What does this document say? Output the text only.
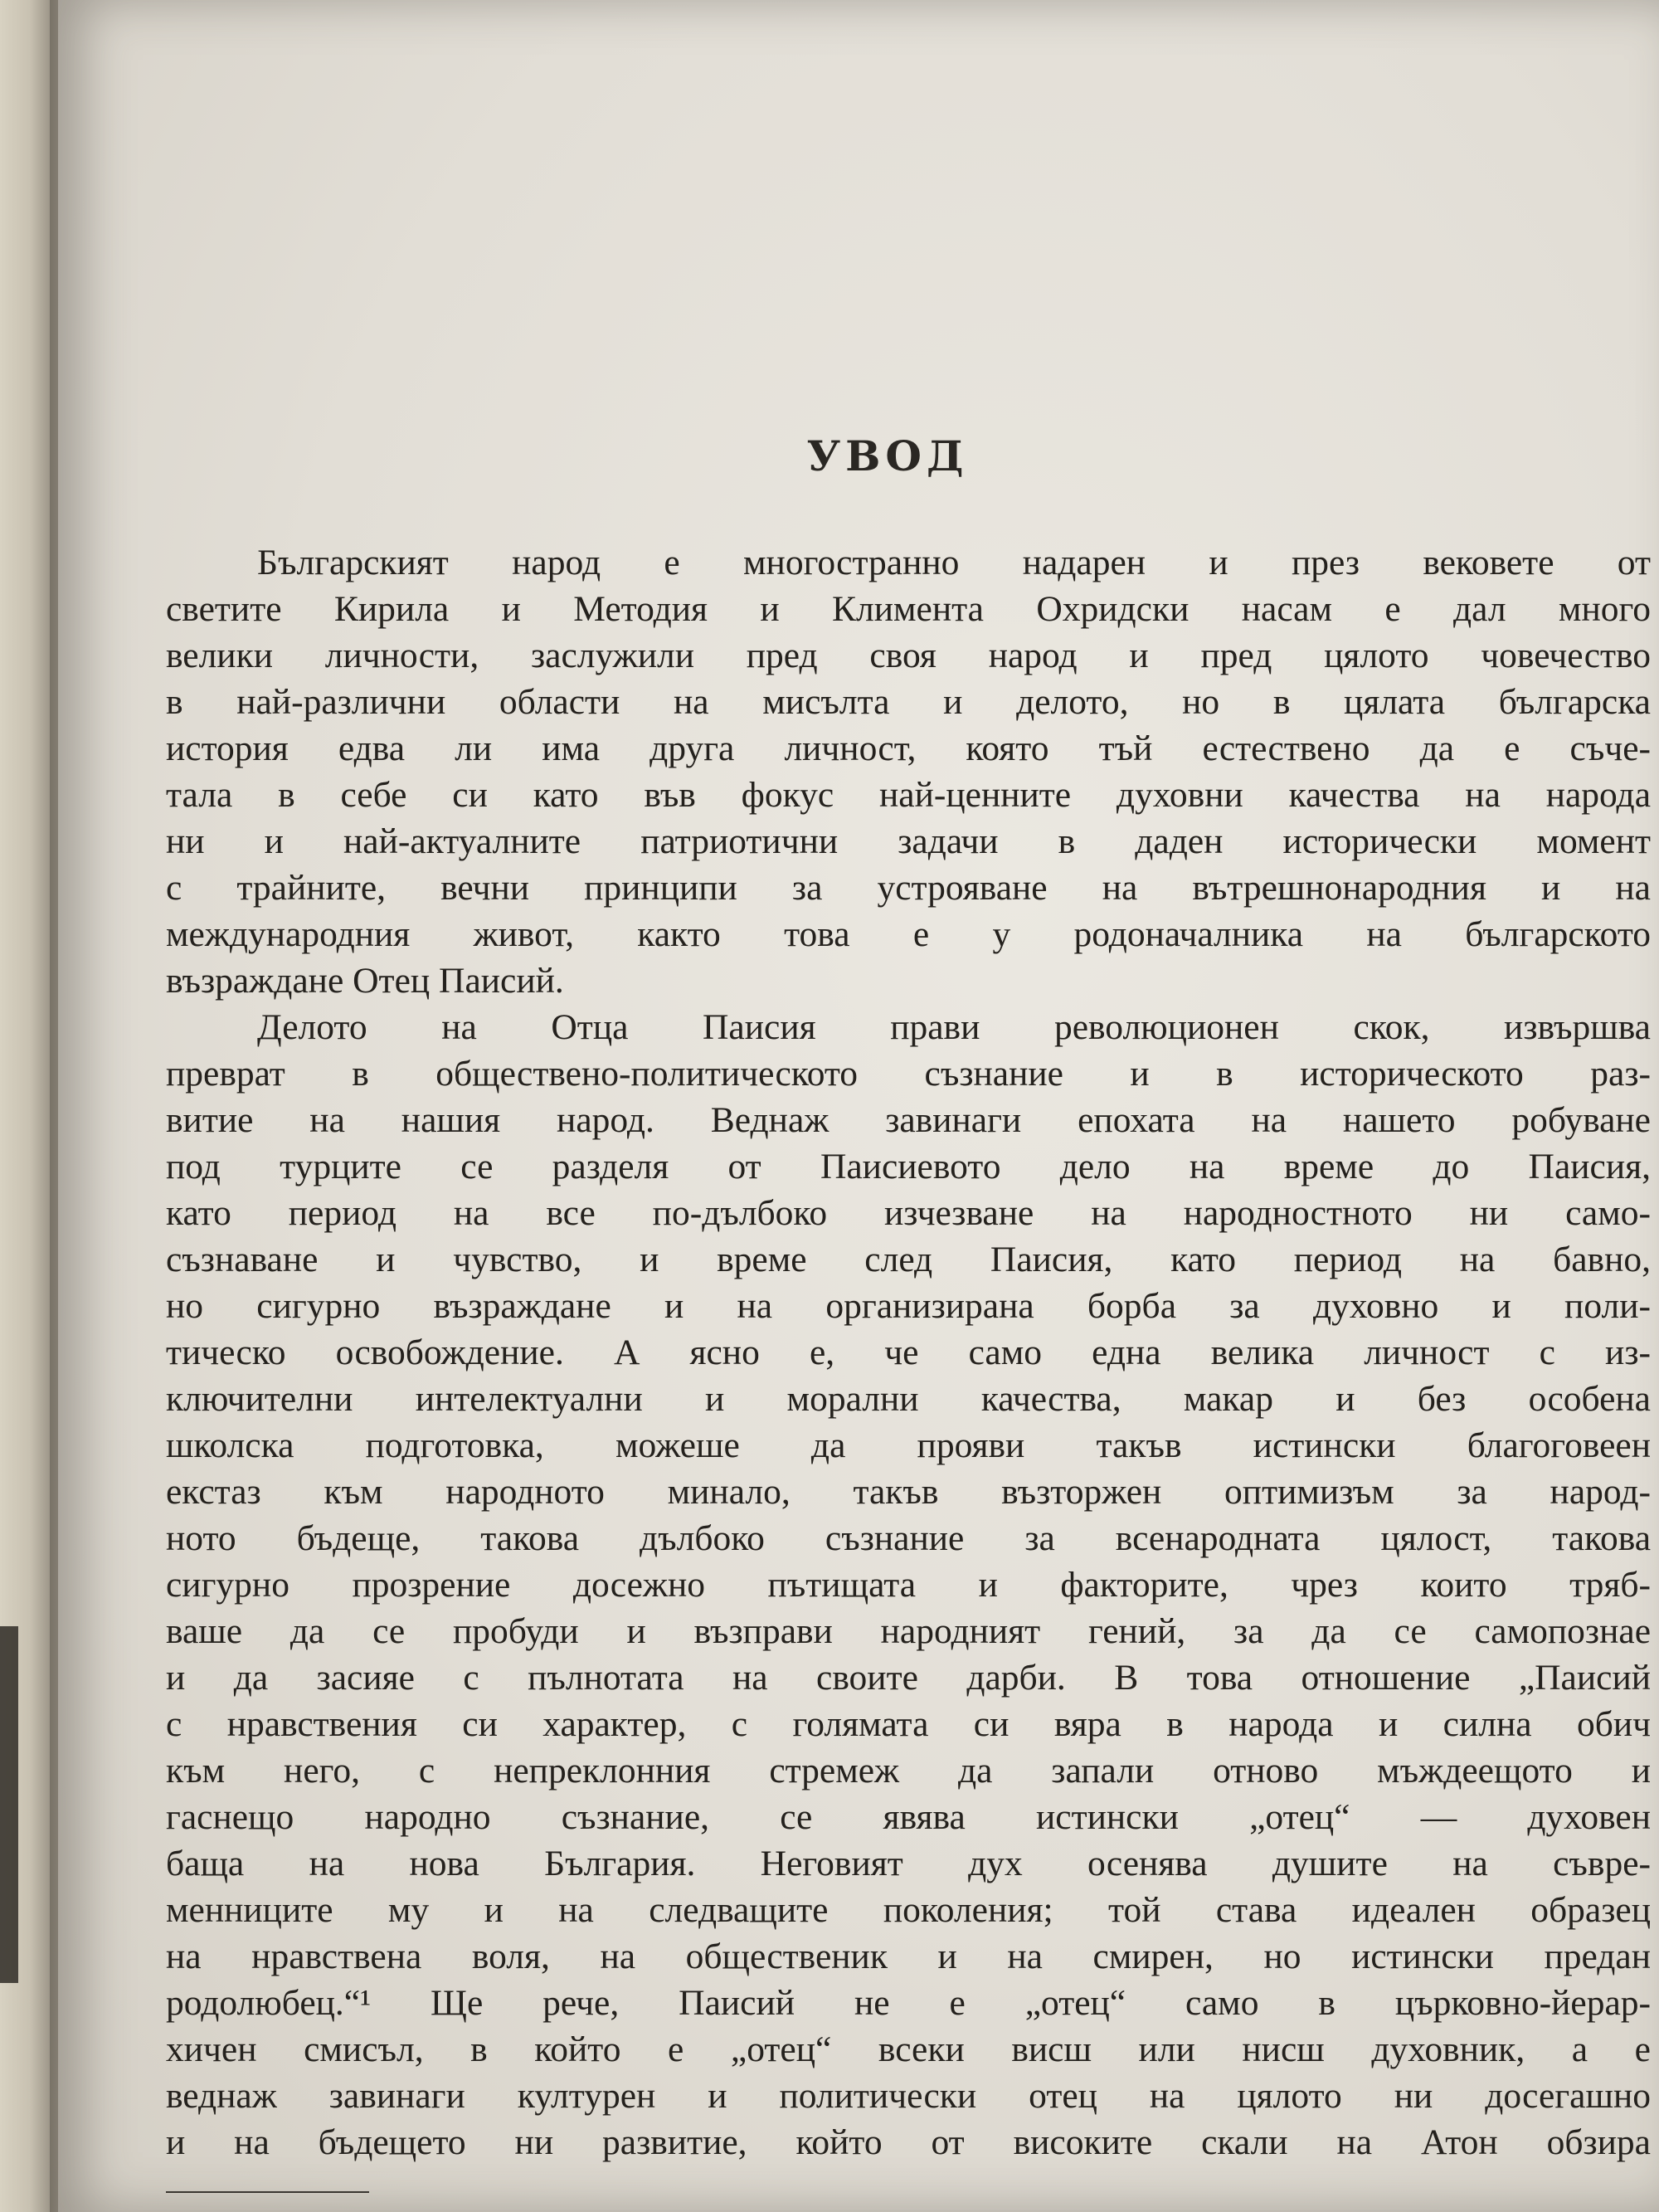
УВОД
Българският народ е многостранно надарен и през вековете от
светите Кирила и Методия и Климента Охридски насам е дал много
велики личности, заслужили пред своя народ и пред цялото човечество
в най-различни области на мисълта и делото, но в цялата българска
история едва ли има друга личност, която тъй естествено да е съче-
тала в себе си като във фокус най-ценните духовни качества на народа
ни и най-актуалните патриотични задачи в даден исторически момент
с трайните, вечни принципи за устрояване на вътрешнонародния и на
международния живот, както това е у родоначалника на българското
възраждане Отец Паисий.
Делото на Отца Паисия прави революционен скок, извършва
преврат в обществено-политическото съзнание и в историческото раз-
витие на нашия народ. Веднаж завинаги епохата на нашето робуване
под турците се разделя от Паисиевото дело на време до Паисия,
като период на все по-дълбоко изчезване на народностното ни само-
съзнаване и чувство, и време след Паисия, като период на бавно,
но сигурно възраждане и на организирана борба за духовно и поли-
тическо освобождение. А ясно е, че само една велика личност с из-
ключителни интелектуални и морални качества, макар и без особена
школска подготовка, можеше да прояви такъв истински благоговеен
екстаз към народното минало, такъв възторжен оптимизъм за народ-
ното бъдеще, такова дълбоко съзнание за всенародната цялост, такова
сигурно прозрение досежно пътищата и факторите, чрез които тряб-
ваше да се пробуди и възправи народният гений, за да се самопознае
и да засияе с пълнотата на своите дарби. В това отношение „Паисий
с нравствения си характер, с голямата си вяра в народа и силна обич
към него, с непреклонния стремеж да запали отново мъждеещото и
гаснещо народно съзнание, се явява истински „отец“ — духовен
баща на нова България. Неговият дух осенява душите на съвре-
менниците му и на следващите поколения; той става идеален образец
на нравствена воля, на общественик и на смирен, но истински предан
родолюбец.“¹ Ще рече, Паисий не е „отец“ само в църковно-йерар-
хичен смисъл, в който е „отец“ всеки висш или нисш духовник, а е
веднаж завинаги културен и политически отец на цялото ни досегашно
и на бъдещето ни развитие, който от високите скали на Атон обзира
